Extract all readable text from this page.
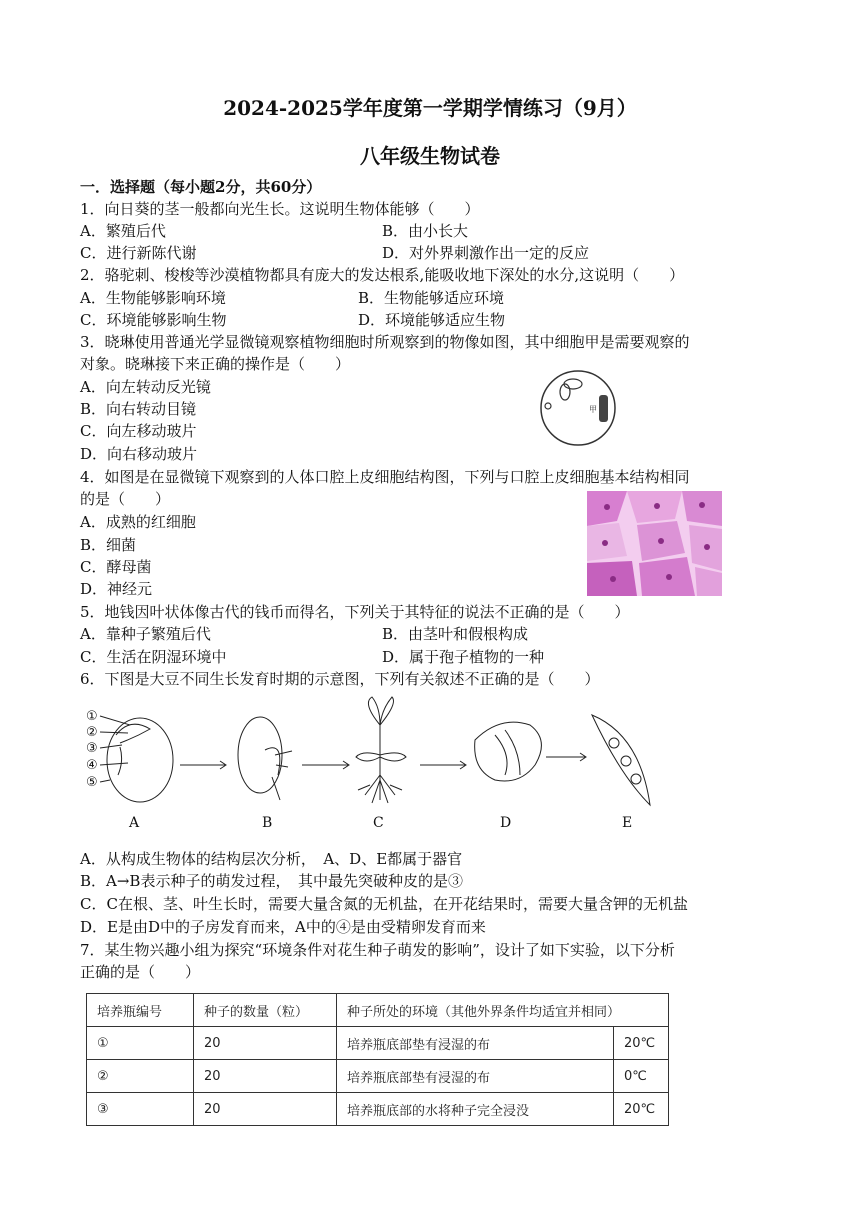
2024-2025学年度第一学期学情练习（9月）
八年级生物试卷
一．选择题（每小题2分，共60分）
1．向日葵的茎一般都向光生长。这说明生物体能够（　　）
A．繁殖后代	B．由小长大
C．进行新陈代谢	D．对外界刺激作出一定的反应
2．骆驼刺、梭梭等沙漠植物都具有庞大的发达根系,能吸收地下深处的水分,这说明（　　）
A．生物能够影响环境	B．生物能够适应环境
C．环境能够影响生物	D．环境能够适应生物
3．晓琳使用普通光学显微镜观察植物细胞时所观察到的物像如图，其中细胞甲是需要观察的
对象。晓琳接下来正确的操作是（　　）
A．向左转动反光镜
B．向右转动目镜
C．向左移动玻片
D．向右移动玻片
甲
4．如图是在显微镜下观察到的人体口腔上皮细胞结构图，下列与口腔上皮细胞基本结构相同
的是（　　）
A．成熟的红细胞
B．细菌
C．酵母菌
D．神经元
5．地钱因叶状体像古代的钱币而得名，下列关于其特征的说法不正确的是（　　）
A．靠种子繁殖后代	B．由茎叶和假根构成
C．生活在阴湿环境中	D．属于孢子植物的一种
6．下图是大豆不同生长发育时期的示意图，下列有关叙述不正确的是（　　）
①
②
③
④
⑤
A	B	C	D	E
A．从构成生物体的结构层次分析，　A、D、E都属于器官
B．A→B表示种子的萌发过程，　其中最先突破种皮的是③
C．C在根、茎、叶生长时，需要大量含氮的无机盐，在开花结果时，需要大量含钾的无机盐
D．E是由D中的子房发育而来，A中的④是由受精卵发育而来
7．某生物兴趣小组为探究“环境条件对花生种子萌发的影响”，设计了如下实验，以下分析
正确的是（　　）
培养瓶编号	种子的数量（粒）	种子所处的环境（其他外界条件均适宜并相同）	
①	20	培养瓶底部垫有浸湿的布	20℃
②	20	培养瓶底部垫有浸湿的布	0℃
③	20	培养瓶底部的水将种子完全浸没	20℃
